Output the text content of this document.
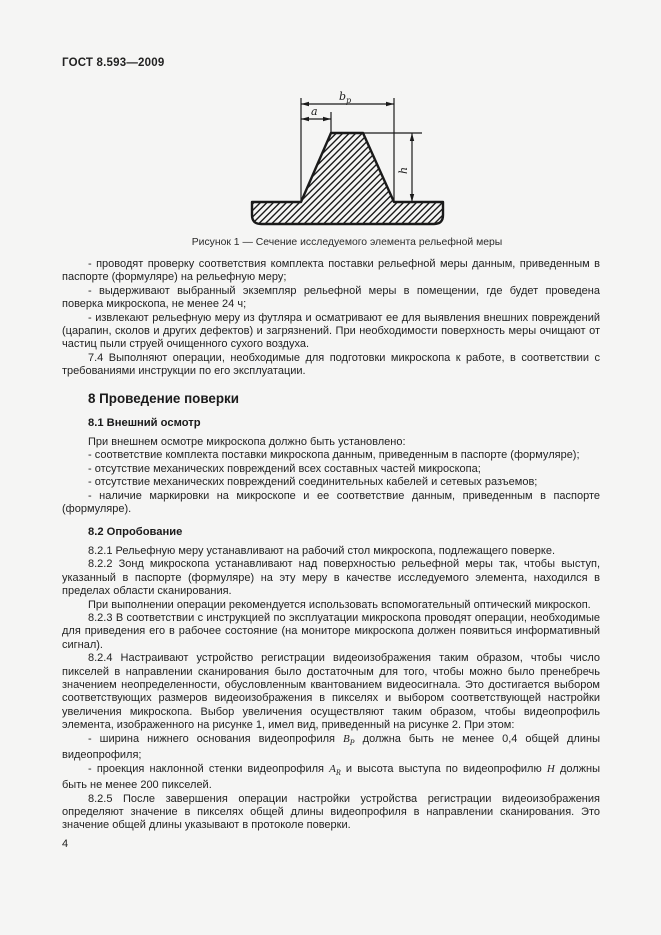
ГОСТ 8.593—2009
$b_p$
a
h
Рисунок 1 — Сечение исследуемого элемента рельефной меры

- проводят проверку соответствия комплекта поставки рельефной меры данным, приведенным в паспорте (формуляре) на рельефную меру;

- выдерживают выбранный экземпляр рельефной меры в помещении, где будет проведена поверка микроскопа, не менее 24 ч;

- извлекают рельефную меру из футляра и осматривают ее для выявления внешних повреждений (царапин, сколов и других дефектов) и загрязнений. При необходимости поверхность меры очищают от частиц пыли струей очищенного сухого воздуха.

7.4 Выполняют операции, необходимые для подготовки микроскопа к работе, в соответствии с требованиями инструкции по его эксплуатации.

8 Проведение поверки

8.1 Внешний осмотр

При внешнем осмотре микроскопа должно быть установлено:

- соответствие комплекта поставки микроскопа данным, приведенным в паспорте (формуляре);

- отсутствие механических повреждений всех составных частей микроскопа;

- отсутствие механических повреждений соединительных кабелей и сетевых разъемов;

- наличие маркировки на микроскопе и ее соответствие данным, приведенным в паспорте (формуляре).

8.2 Опробование

8.2.1 Рельефную меру устанавливают на рабочий стол микроскопа, подлежащего поверке.

8.2.2 Зонд микроскопа устанавливают над поверхностью рельефной меры так, чтобы выступ, указанный в паспорте (формуляре) на эту меру в качестве исследуемого элемента, находился в пределах области сканирования.

При выполнении операции рекомендуется использовать вспомогательный оптический микроскоп.

8.2.3 В соответствии с инструкцией по эксплуатации микроскопа проводят операции, необходимые для приведения его в рабочее состояние (на мониторе микроскопа должен появиться информативный сигнал).

8.2.4 Настраивают устройство регистрации видеоизображения таким образом, чтобы число пикселей в направлении сканирования было достаточным для того, чтобы можно было пренебречь значением неопределенности, обусловленным квантованием видеосигнала. Это достигается выбором соответствующих размеров видеоизображения в пикселях и выбором соответствующей настройки увеличения микроскопа. Выбор увеличения осуществляют таким образом, чтобы видеопрофиль элемента, изображенного на рисунке 1, имел вид, приведенный на рисунке 2. При этом:

- ширина нижнего основания видеопрофиля $B_P$ должна быть не менее 0,4 общей длины видеопрофиля;

- проекция наклонной стенки видеопрофиля $A_R$ и высота выступа по видеопрофилю H должны быть не менее 200 пикселей.

8.2.5 После завершения операции настройки устройства регистрации видеоизображения определяют значение в пикселях общей длины видеопрофиля в направлении сканирования. Это значение общей длины указывают в протоколе поверки.

4
